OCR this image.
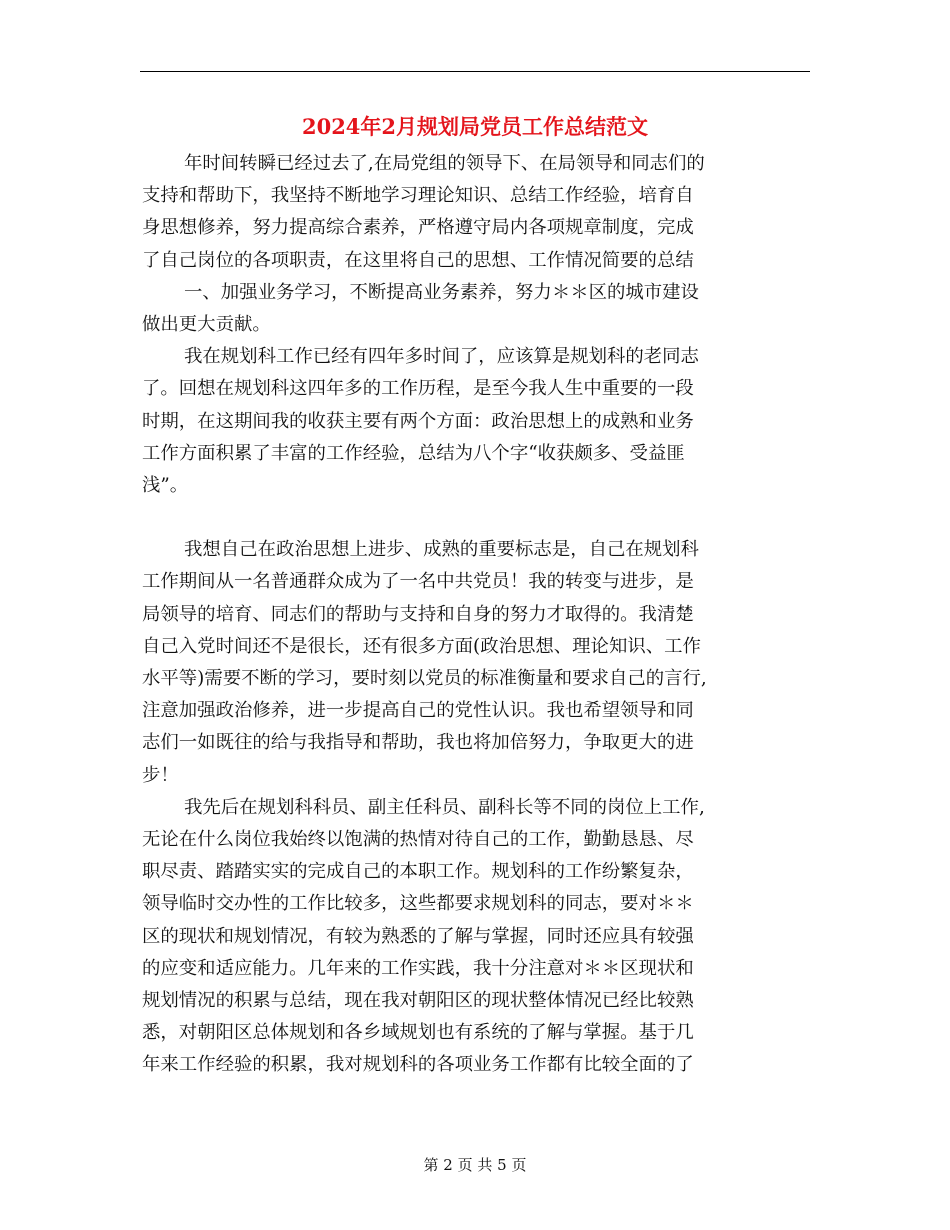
2024年2月规划局党员工作总结范文
年时间转瞬已经过去了,在局党组的领导下、在局领导和同志们的
支持和帮助下，我坚持不断地学习理论知识、总结工作经验，培育自
身思想修养，努力提高综合素养，严格遵守局内各项规章制度，完成
了自己岗位的各项职责，在这里将自己的思想、工作情况简要的总结
一、加强业务学习，不断提高业务素养，努力＊＊区的城市建设
做出更大贡献。
我在规划科工作已经有四年多时间了，应该算是规划科的老同志
了。回想在规划科这四年多的工作历程，是至今我人生中重要的一段
时期，在这期间我的收获主要有两个方面：政治思想上的成熟和业务
工作方面积累了丰富的工作经验，总结为八个字“收获颇多、受益匪
浅”。
我想自己在政治思想上进步、成熟的重要标志是，自己在规划科
工作期间从一名普通群众成为了一名中共党员！我的转变与进步，是
局领导的培育、同志们的帮助与支持和自身的努力才取得的。我清楚
自己入党时间还不是很长，还有很多方面(政治思想、理论知识、工作
水平等)需要不断的学习，要时刻以党员的标准衡量和要求自己的言行,
注意加强政治修养，进一步提高自己的党性认识。我也希望领导和同
志们一如既往的给与我指导和帮助，我也将加倍努力，争取更大的进
步！
我先后在规划科科员、副主任科员、副科长等不同的岗位上工作,
无论在什么岗位我始终以饱满的热情对待自己的工作，勤勤恳恳、尽
职尽责、踏踏实实的完成自己的本职工作。规划科的工作纷繁复杂，
领导临时交办性的工作比较多，这些都要求规划科的同志，要对＊＊
区的现状和规划情况，有较为熟悉的了解与掌握，同时还应具有较强
的应变和适应能力。几年来的工作实践，我十分注意对＊＊区现状和
规划情况的积累与总结，现在我对朝阳区的现状整体情况已经比较熟
悉，对朝阳区总体规划和各乡域规划也有系统的了解与掌握。基于几
年来工作经验的积累，我对规划科的各项业务工作都有比较全面的了
第 2 页 共 5 页
